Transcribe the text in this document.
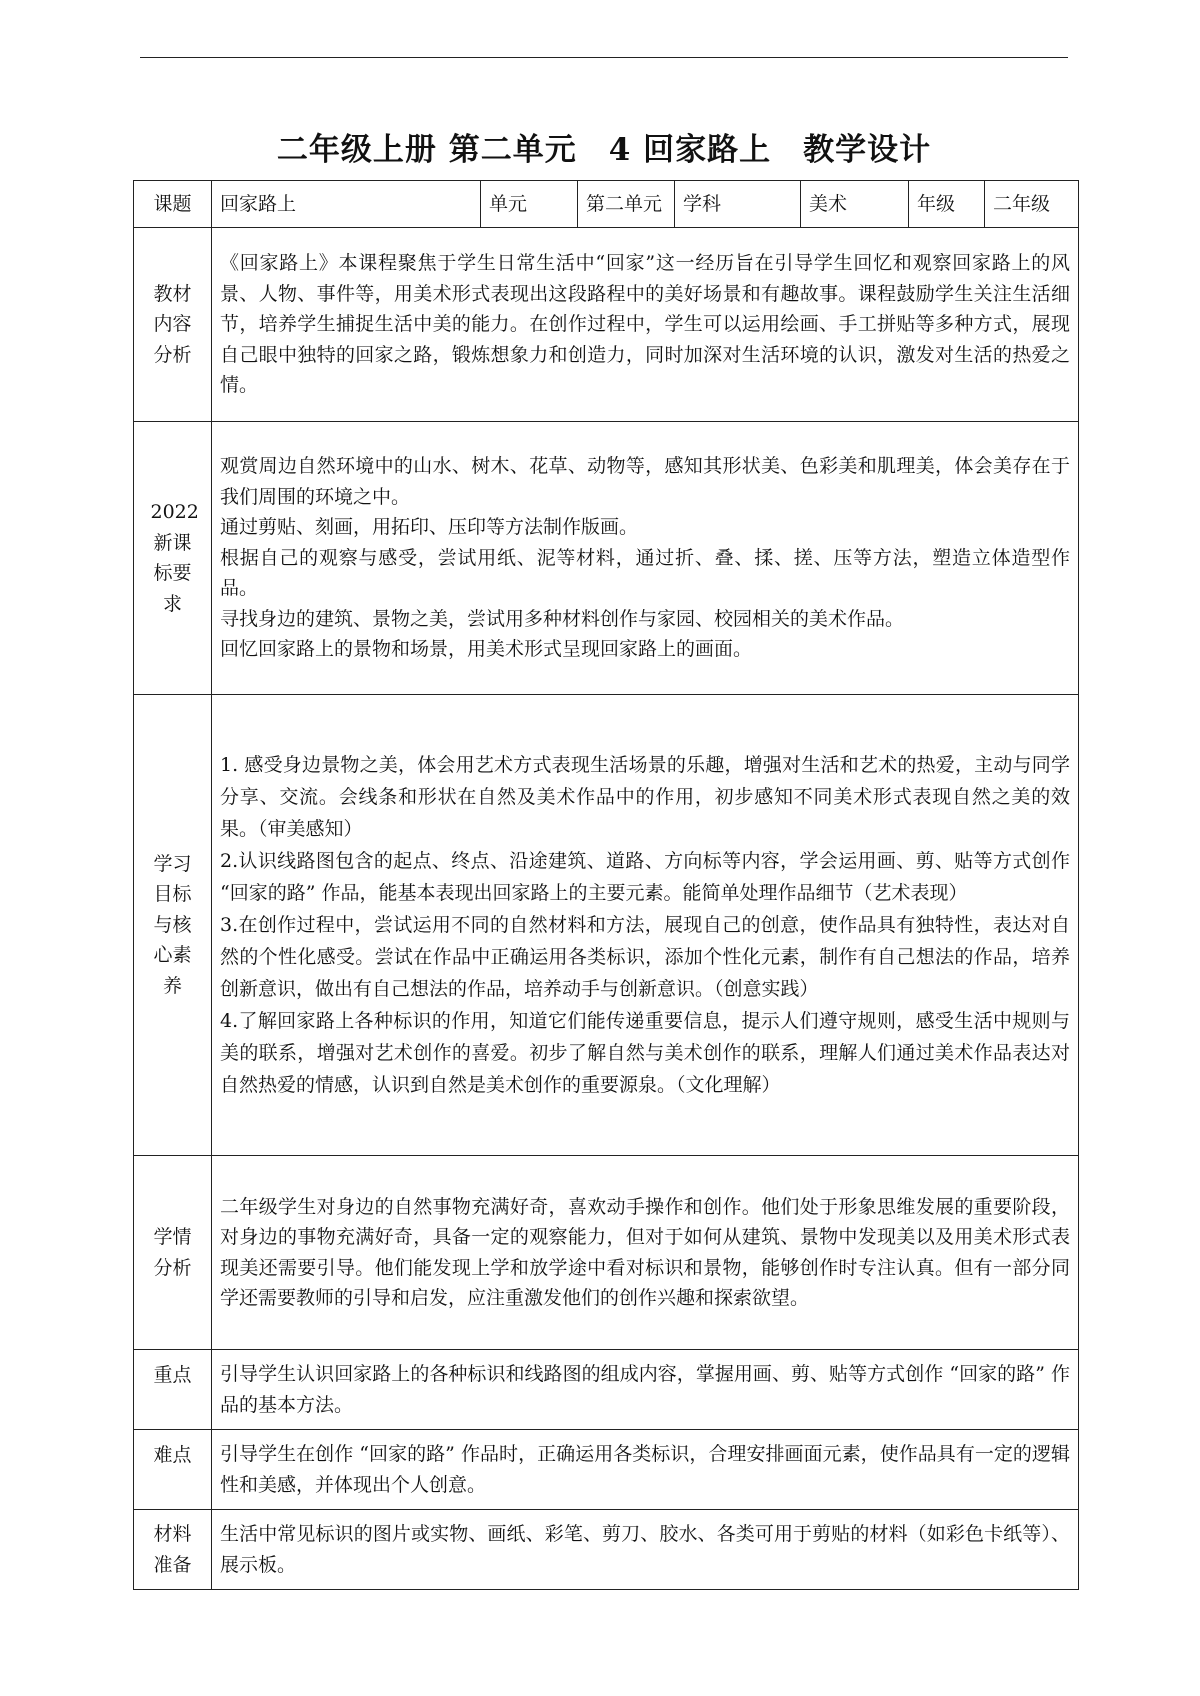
二年级上册 第二单元　4 回家路上　教学设计
课题	回家路上	单元	第二单元	学科	美术	年级	二年级

教材内容分析	《回家路上》本课程聚焦于学生日常生活中“回家”这一经历旨在引导学生回忆和观察回家路上的风景、人物、事件等，用美术形式表现出这段路程中的美好场景和有趣故事。课程鼓励学生关注生活细节，培养学生捕捉生活中美的能力。在创作过程中，学生可以运用绘画、手工拼贴等多种方式，展现自己眼中独特的回家之路，锻炼想象力和创造力，同时加深对生活环境的认识，激发对生活的热爱之情。						

2022新课标要求	观赏周边自然环境中的山水、树木、花草、动物等，感知其形状美、色彩美和肌理美，体会美存在于我们周围的环境之中。

通过剪贴、刻画，用拓印、压印等方法制作版画。

根据自己的观察与感受，尝试用纸、泥等材料，通过折、叠、揉、搓、压等方法，塑造立体造型作品。

寻找身边的建筑、景物之美，尝试用多种材料创作与家园、校园相关的美术作品。

回忆回家路上的景物和场景，用美术形式呈现回家路上的画面。						

学习目标与核心素养	1. 感受身边景物之美，体会用艺术方式表现生活场景的乐趣，增强对生活和艺术的热爱，主动与同学分享、交流。会线条和形状在自然及美术作品中的作用，初步感知不同美术形式表现自然之美的效果。（审美感知）

2.认识线路图包含的起点、终点、沿途建筑、道路、方向标等内容，学会运用画、剪、贴等方式创作 “回家的路” 作品，能基本表现出回家路上的主要元素。能简单处理作品细节（艺术表现）

3.在创作过程中，尝试运用不同的自然材料和方法，展现自己的创意，使作品具有独特性，表达对自然的个性化感受。尝试在作品中正确运用各类标识，添加个性化元素，制作有自己想法的作品，培养创新意识，做出有自己想法的作品，培养动手与创新意识。（创意实践）

4.了解回家路上各种标识的作用，知道它们能传递重要信息，提示人们遵守规则，感受生活中规则与美的联系，增强对艺术创作的喜爱。初步了解自然与美术创作的联系，理解人们通过美术作品表达对自然热爱的情感，认识到自然是美术创作的重要源泉。（文化理解）						

学情分析	二年级学生对身边的自然事物充满好奇，喜欢动手操作和创作。他们处于形象思维发展的重要阶段，对身边的事物充满好奇，具备一定的观察能力，但对于如何从建筑、景物中发现美以及用美术形式表现美还需要引导。他们能发现上学和放学途中看对标识和景物，能够创作时专注认真。但有一部分同学还需要教师的引导和启发，应注重激发他们的创作兴趣和探索欲望。						

重点	引导学生认识回家路上的各种标识和线路图的组成内容，掌握用画、剪、贴等方式创作 “回家的路” 作品的基本方法。						

难点	引导学生在创作 “回家的路” 作品时，正确运用各类标识，合理安排画面元素，使作品具有一定的逻辑性和美感，并体现出个人创意。						

材料准备	生活中常见标识的图片或实物、画纸、彩笔、剪刀、胶水、各类可用于剪贴的材料（如彩色卡纸等）、展示板。						
